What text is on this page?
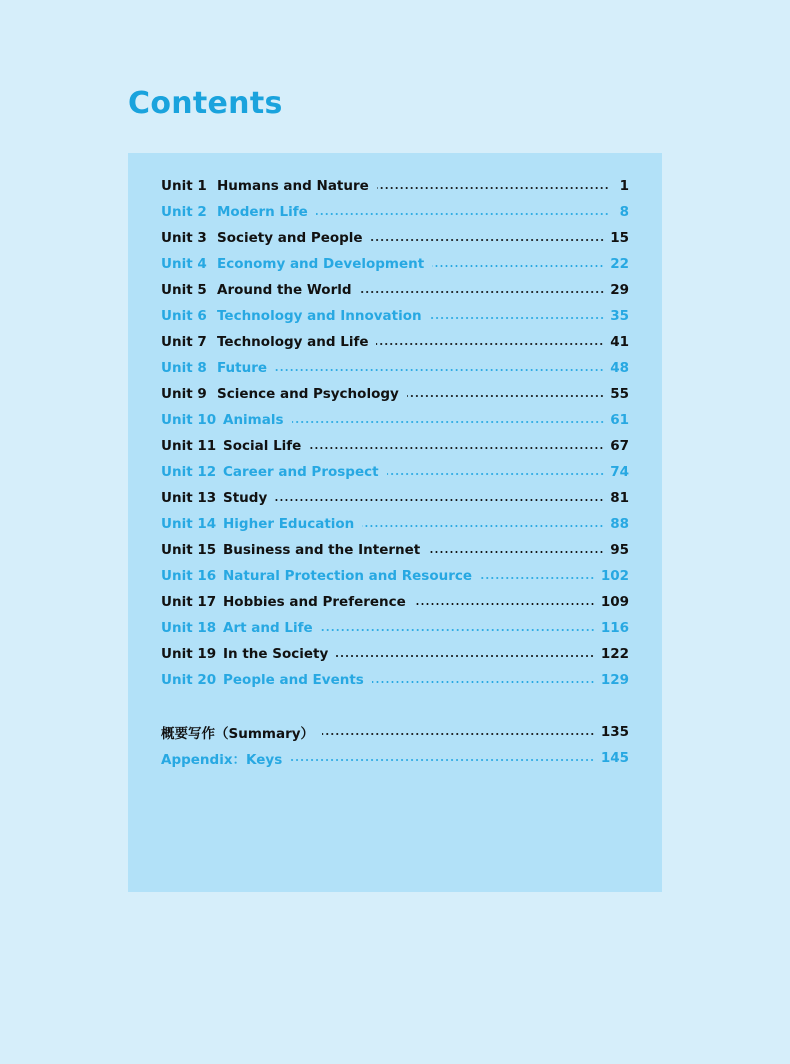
Contents
Unit 1 Humans and Nature	1
Unit 2 Modern Life	8
Unit 3 Society and People	15
Unit 4 Economy and Development	22
Unit 5 Around the World	29
Unit 6 Technology and Innovation	35
Unit 7 Technology and Life	41
Unit 8 Future	48
Unit 9 Science and Psychology	55
Unit 10 Animals	61
Unit 11 Social Life	67
Unit 12 Career and Prospect	74
Unit 13 Study	81
Unit 14 Higher Education	88
Unit 15 Business and the Internet	95
Unit 16 Natural Protection and Resource	102
Unit 17 Hobbies and Preference	109
Unit 18 Art and Life	116
Unit 19 In the Society	122
Unit 20 People and Events	129
概要写作（Summary）	135
Appendix：Keys	145
